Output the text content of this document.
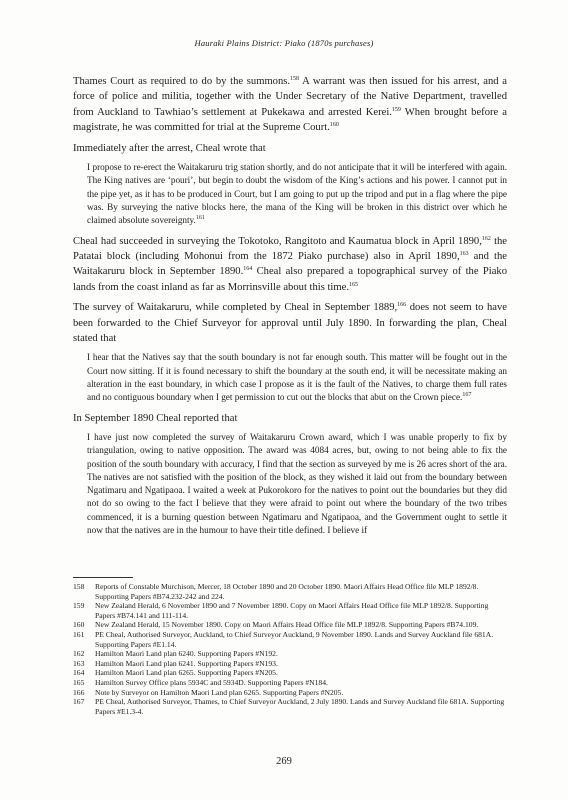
Hauraki Plains District: Piako (1870s purchases)

Thames Court as required to do by the summons.$^{158}$ A warrant was then issued for his arrest, and a force of police and militia, together with the Under Secretary of the Native Department, travelled from Auckland to Tawhiao’s settlement at Pukekawa and arrested Kerei.$^{159}$ When brought before a magistrate, he was committed for trial at the Supreme Court.$^{160}$

Immediately after the arrest, Cheal wrote that

I propose to re-erect the Waitakaruru trig station shortly, and do not anticipate that it will be interfered with again. The King natives are ‘pouri’, but begin to doubt the wisdom of the King’s actions and his power. I cannot put in the pipe yet, as it has to be produced in Court, but I am going to put up the tripod and put in a flag where the pipe was. By surveying the native blocks here, the mana of the King will be broken in this district over which he claimed absolute sovereignty.$^{161}$

Cheal had succeeded in surveying the Tokotoko, Rangitoto and Kaumatua block in April 1890,$^{162}$ the Patatai block (including Mohonui from the 1872 Piako purchase) also in April 1890,$^{163}$ and the Waitakaruru block in September 1890.$^{164}$ Cheal also prepared a topographical survey of the Piako lands from the coast inland as far as Morrinsville about this time.$^{165}$

The survey of Waitakaruru, while completed by Cheal in September 1889,$^{166}$ does not seem to have been forwarded to the Chief Surveyor for approval until July 1890. In forwarding the plan, Cheal stated that

I hear that the Natives say that the south boundary is not far enough south. This matter will be fought out in the Court now sitting. If it is found necessary to shift the boundary at the south end, it will be necessitate making an alteration in the east boundary, in which case I propose as it is the fault of the Natives, to charge them full rates and no contiguous boundary when I get permission to cut out the blocks that abut on the Crown piece.$^{167}$

In September 1890 Cheal reported that

I have just now completed the survey of Waitakaruru Crown award, which I was unable properly to fix by triangulation, owing to native opposition. The award was 4084 acres, but, owing to not being able to fix the position of the south boundary with accuracy, I find that the section as surveyed by me is 26 acres short of the ara. The natives are not satisfied with the position of the block, as they wished it laid out from the boundary between Ngatimaru and Ngatipaoa. I waited a week at Pukorokoro for the natives to point out the boundaries but they did not do so owing to the fact I believe that they were afraid to point out where the boundary of the two tribes commenced, it is a burning question between Ngatimaru and Ngatipaoa, and the Government ought to settle it now that the natives are in the humour to have their title defined. I believe if
158	Reports of Constable Murchison, Mercer, 18 October 1890 and 20 October 1890. Maori Affairs Head Office file MLP 1892/8. Supporting Papers #B74.232-242 and 224.
159	New Zealand Herald, 6 November 1890 and 7 November 1890. Copy on Maori Affairs Head Office file MLP 1892/8. Supporting Papers #B74.141 and 111-114.
160	New Zealand Herald, 15 November 1890. Copy on Maori Affairs Head Office file MLP 1892/8. Supporting Papers #B74.109.
161	PE Cheal, Authorised Surveyor, Auckland, to Chief Surveyor Auckland, 9 November 1890. Lands and Survey Auckland file 681A. Supporting Papers #E1.14.
162	Hamilton Maori Land plan 6240. Supporting Papers #N192.
163	Hamilton Maori Land plan 6241. Supporting Papers #N193.
164	Hamilton Maori Land plan 6265. Supporting Papers #N205.
165	Hamilton Survey Office plans 5934C and 5934D. Supporting Papers #N184.
166	Note by Surveyor on Hamilton Maori Land plan 6265. Supporting Papers #N205.
167	PE Cheal, Authorised Surveyor, Thames, to Chief Surveyor Auckland, 2 July 1890. Lands and Survey Auckland file 681A. Supporting Papers #E1.3-4.
269
